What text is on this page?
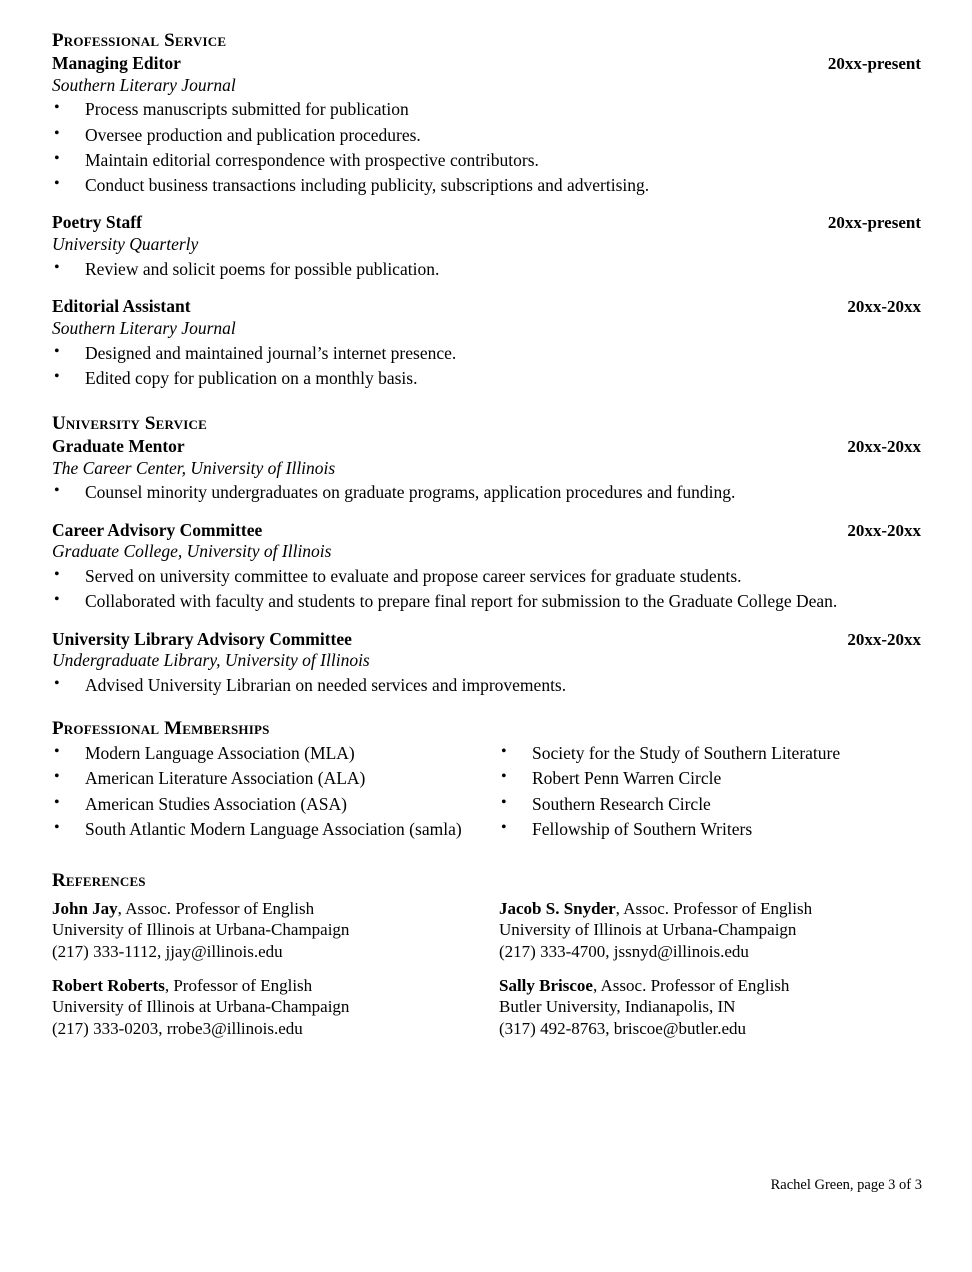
Professional Service
Managing Editor	20xx-present
Southern Literary Journal
• Process manuscripts submitted for publication
• Oversee production and publication procedures.
• Maintain editorial correspondence with prospective contributors.
• Conduct business transactions including publicity, subscriptions and advertising.
Poetry Staff	20xx-present
University Quarterly
• Review and solicit poems for possible publication.
Editorial Assistant	20xx-20xx
Southern Literary Journal
• Designed and maintained journal’s internet presence.
• Edited copy for publication on a monthly basis.
University Service
Graduate Mentor	20xx-20xx
The Career Center, University of Illinois
• Counsel minority undergraduates on graduate programs, application procedures and funding.
Career Advisory Committee	20xx-20xx
Graduate College, University of Illinois
• Served on university committee to evaluate and propose career services for graduate students.
• Collaborated with faculty and students to prepare final report for submission to the Graduate College Dean.
University Library Advisory Committee	20xx-20xx
Undergraduate Library, University of Illinois
• Advised University Librarian on needed services and improvements.
Professional Memberships
• Modern Language Association (MLA)
• American Literature Association (ALA)
• American Studies Association (ASA)
• South Atlantic Modern Language Association (samla)
• Society for the Study of Southern Literature
• Robert Penn Warren Circle
• Southern Research Circle
• Fellowship of Southern Writers
References
John Jay, Assoc. Professor of English
University of Illinois at Urbana-Champaign
(217) 333-1112, jjay@illinois.edu
Robert Roberts, Professor of English
University of Illinois at Urbana-Champaign
(217) 333-0203, rrobe3@illinois.edu
Jacob S. Snyder, Assoc. Professor of English
University of Illinois at Urbana-Champaign
(217) 333-4700, jssnyd@illinois.edu
Sally Briscoe, Assoc. Professor of English
Butler University, Indianapolis, IN
(317) 492-8763, briscoe@butler.edu
Rachel Green, page 3 of 3
